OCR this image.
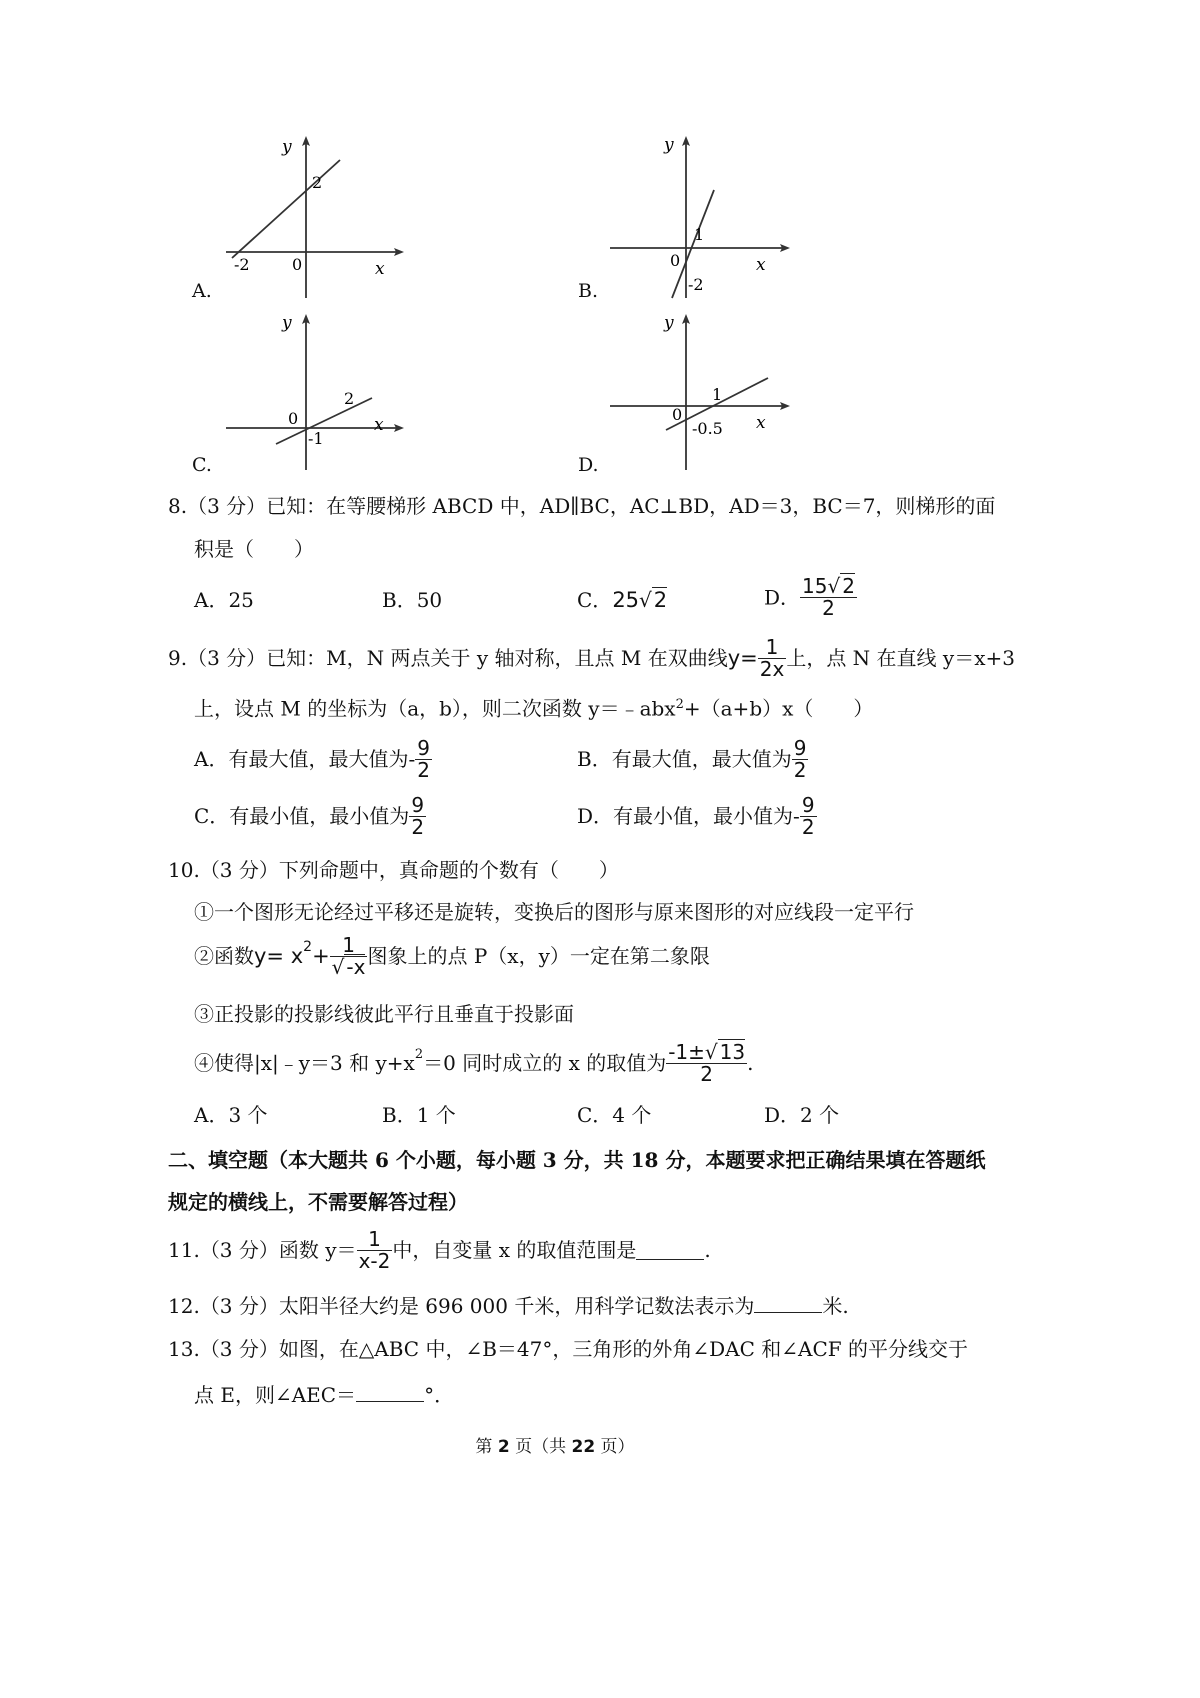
A.
y
x
0
2
-2
B.
y
x
0
1
-2
C.
y
x
0
2
-1
D.
y
x
0
1
-0.5
8.（3 分）已知：在等腰梯形 ABCD 中，AD∥BC，AC⊥BD，AD＝3，BC＝7，则梯形的面
积是（　　）
A．25	B．50	C．25√2	D． $\frac{15√ 2}{2}$
9. （3 分） 已知：M，N 两点关于 y 轴对称，且点 M 在双曲线 $y= \frac{1}{2x}$ 上，点 N 在直线 y＝x+3
上，设点 M 的坐标为（a，b），则二次函数 y＝﹣abx$^2$+（a+b）x（　　）
A．有最大值，最大值为 - $\frac{9}{2}$	B．有最大值，最大值为 $\frac{9}{2}$
C．有最小值，最小值为 $\frac{9}{2}$	D．有最小值，最小值为 - $\frac{9}{2}$
10.（3 分）下列命题中，真命题的个数有（　　）
①一个图形无论经过平移还是旋转，变换后的图形与原来图形的对应线段一定平行
②函数 $y= x^2 + \frac{1}{√ -x}$ 图象上的点 P（x，y）一定在第二象限
③正投影的投影线彼此平行且垂直于投影面
④使得|x|﹣y＝3 和 $y+x^2 =0$ 同时成立的 x 的取值为 $\frac{-1\pm√ 13}{2}$ .
A．3 个	B．1 个	C．4 个	D．2 个
二、填空题（本大题共 6 个小题，每小题 3 分，共 18 分，本题要求把正确结果填在答题纸
规定的横线上，不需要解答过程）
11. （3 分） 函数 $y= \frac{1}{x-2}$ 中，自变量 x 的取值范围是	.
12.（3 分）太阳半径大约是 696 000 千米，用科学记数法表示为	米.
13.（3 分）如图，在△ABC 中，∠B＝47°，三角形的外角∠DAC 和∠ACF 的平分线交于
点 E，则∠AEC＝	°．
第 2 页（共 22 页）
